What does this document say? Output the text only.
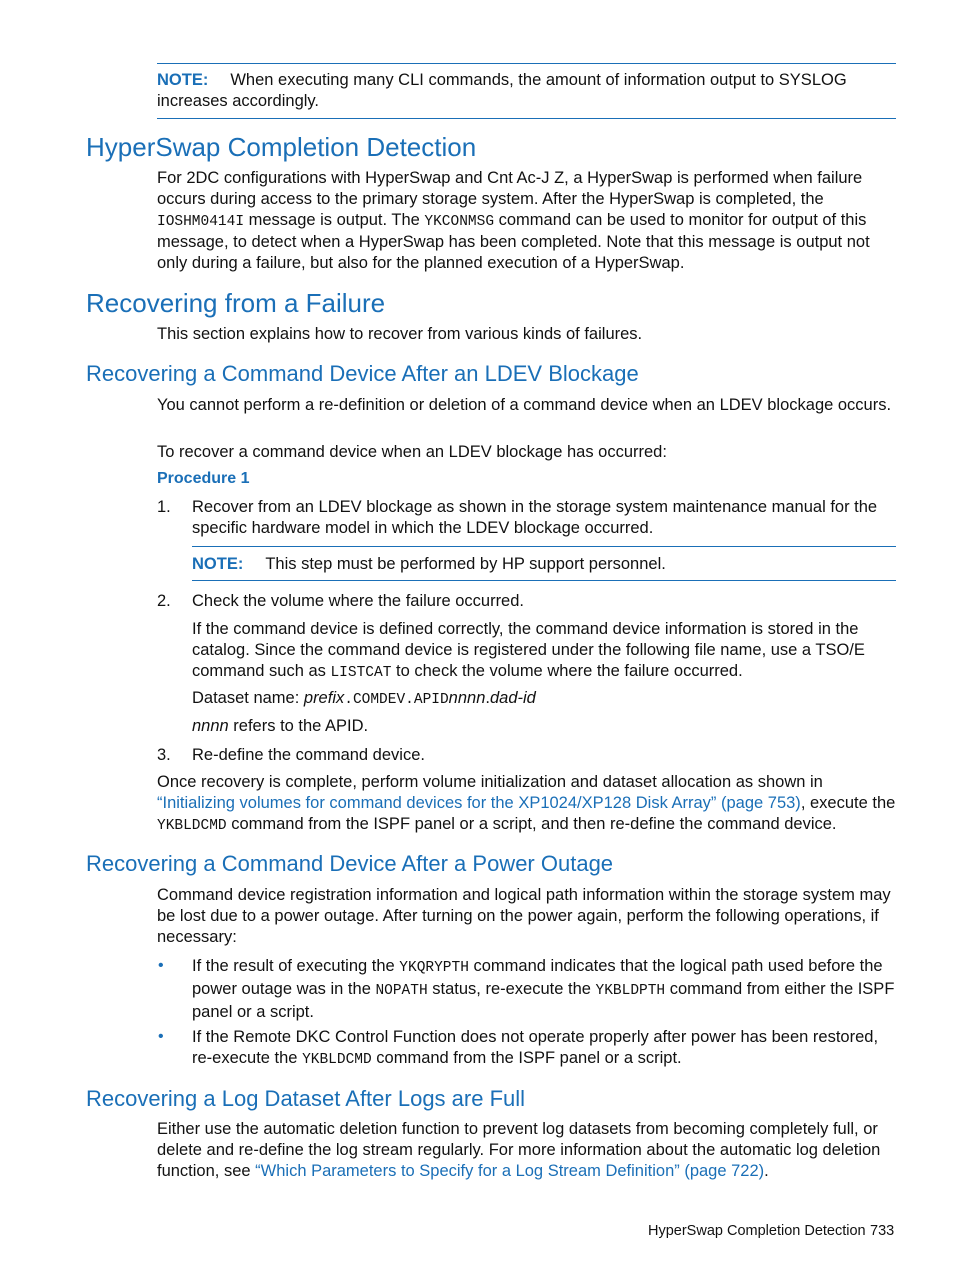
NOTE: When executing many CLI commands, the amount of information output to SYSLOG increases accordingly.

HyperSwap Completion Detection

For 2DC configurations with HyperSwap and Cnt Ac-J Z, a HyperSwap is performed when failure occurs during access to the primary storage system. After the HyperSwap is completed, the IOSHM0414I message is output. The YKCONMSG command can be used to monitor for output of this message, to detect when a HyperSwap has been completed. Note that this message is output not only during a failure, but also for the planned execution of a HyperSwap.

Recovering from a Failure

This section explains how to recover from various kinds of failures.

Recovering a Command Device After an LDEV Blockage

You cannot perform a re-definition or deletion of a command device when an LDEV blockage occurs.

To recover a command device when an LDEV blockage has occurred:

Procedure 1
1. Recover from an LDEV blockage as shown in the storage system maintenance manual for the specific hardware model in which the LDEV blockage occurred.

NOTE: This step must be performed by HP support personnel.

2. Check the volume where the failure occurred.

If the command device is defined correctly, the command device information is stored in the catalog. Since the command device is registered under the following file name, use a TSO/E command such as LISTCAT to check the volume where the failure occurred.

Dataset name: prefix.COMDEV.APIDnnnn.dad-id

nnnn refers to the APID.

3. Re-define the command device.

Once recovery is complete, perform volume initialization and dataset allocation as shown in “Initializing volumes for command devices for the XP1024/XP128 Disk Array” (page 753), execute the YKBLDCMD command from the ISPF panel or a script, and then re-define the command device.

Recovering a Command Device After a Power Outage

Command device registration information and logical path information within the storage system may be lost due to a power outage. After turning on the power again, perform the following operations, if necessary:

• If the result of executing the YKQRYPTH command indicates that the logical path used before the power outage was in the NOPATH status, re-execute the YKBLDPTH command from either the ISPF panel or a script.

• If the Remote DKC Control Function does not operate properly after power has been restored, re-execute the YKBLDCMD command from the ISPF panel or a script.

Recovering a Log Dataset After Logs are Full

Either use the automatic deletion function to prevent log datasets from becoming completely full, or delete and re-define the log stream regularly. For more information about the automatic log deletion function, see “Which Parameters to Specify for a Log Stream Definition” (page 722).

HyperSwap Completion Detection 733
